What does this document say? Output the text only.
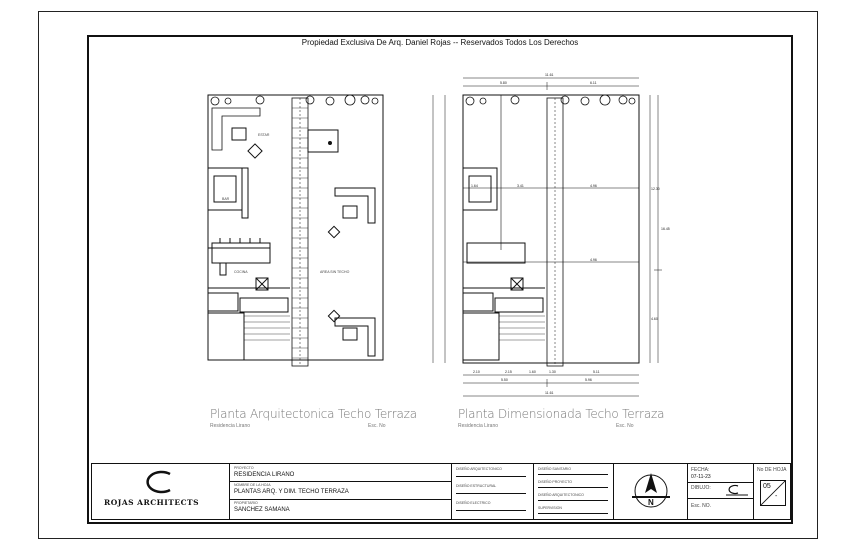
Propiedad Exclusiva De Arq. Daniel Rojas -- Reservados Todos Los Derechos
ESTAR
BAR
COCINA	AREA SIN TECHO
Planta Arquitectonica Techo Terraza
Residencia Lirano	Esc. No
11.61
5.80	6.11
3.41	4.96
4.96
1.64
2.10	2.15	1.60	1.30	5.11
5.50	5.96
11.61
16.45
12.30
4.60
Planta Dimensionada Techo Terraza
Residencia Lirano	Esc. No
ROJAS ARCHITECTS
PROYECTO
RESIDENCIA LIRANO
NOMBRE DE LA HOJA
PLANTAS ARQ. Y DIM. TECHO TERRAZA
PROPIETARIO
SANCHEZ SAMANA
DISEÑO ARQUITECTONICO
DISEÑO ESTRUCTURAL
DISEÑO ELECTRICO
DISEÑO SANITARIO
DISEÑO PROYECTO
DISEÑO ARQUITECTONICO
SUPERVISION
N
FECHA:
07-11-23
DIBUJO:
Esc. NO.
No DE HOJA
05
-
